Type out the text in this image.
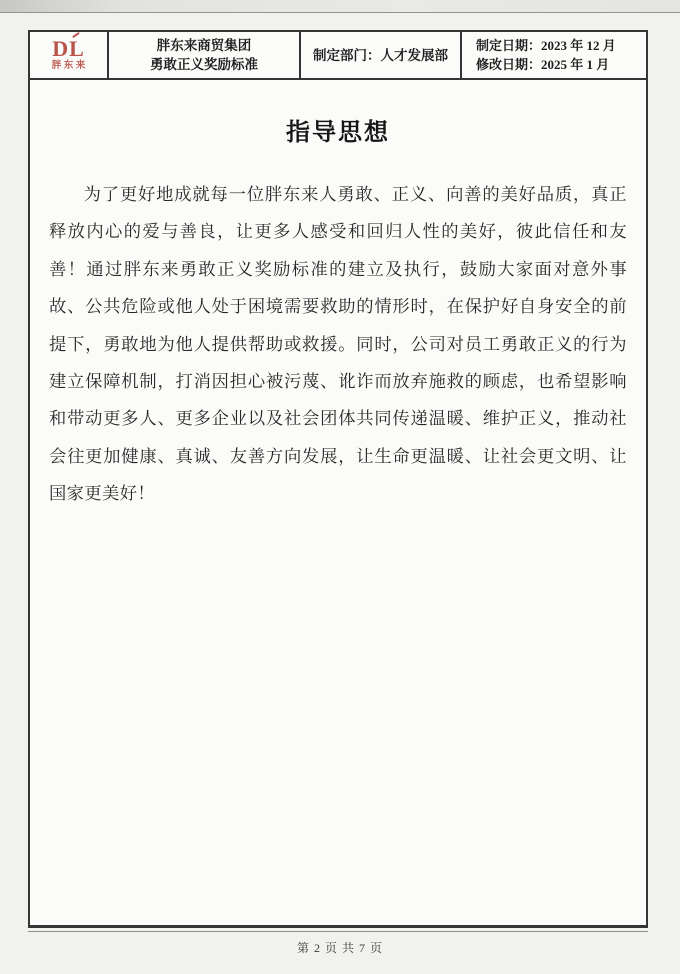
DL
胖东来
胖东来商贸集团
勇敢正义奖励标准
制定部门：人才发展部
制定日期：2023 年 12 月
修改日期：2025 年 1 月
指导思想

为了更好地成就每一位胖东来人勇敢、正义、向善的美好品质，真正释放内心的爱与善良，让更多人感受和回归人性的美好，彼此信任和友善！通过胖东来勇敢正义奖励标准的建立及执行，鼓励大家面对意外事故、公共危险或他人处于困境需要救助的情形时，在保护好自身安全的前提下，勇敢地为他人提供帮助或救援。同时，公司对员工勇敢正义的行为建立保障机制，打消因担心被污蔑、讹诈而放弃施救的顾虑，也希望影响和带动更多人、更多企业以及社会团体共同传递温暖、维护正义，推动社会往更加健康、真诚、友善方向发展，让生命更温暖、让社会更文明、让国家更美好！

第 2 页 共 7 页
